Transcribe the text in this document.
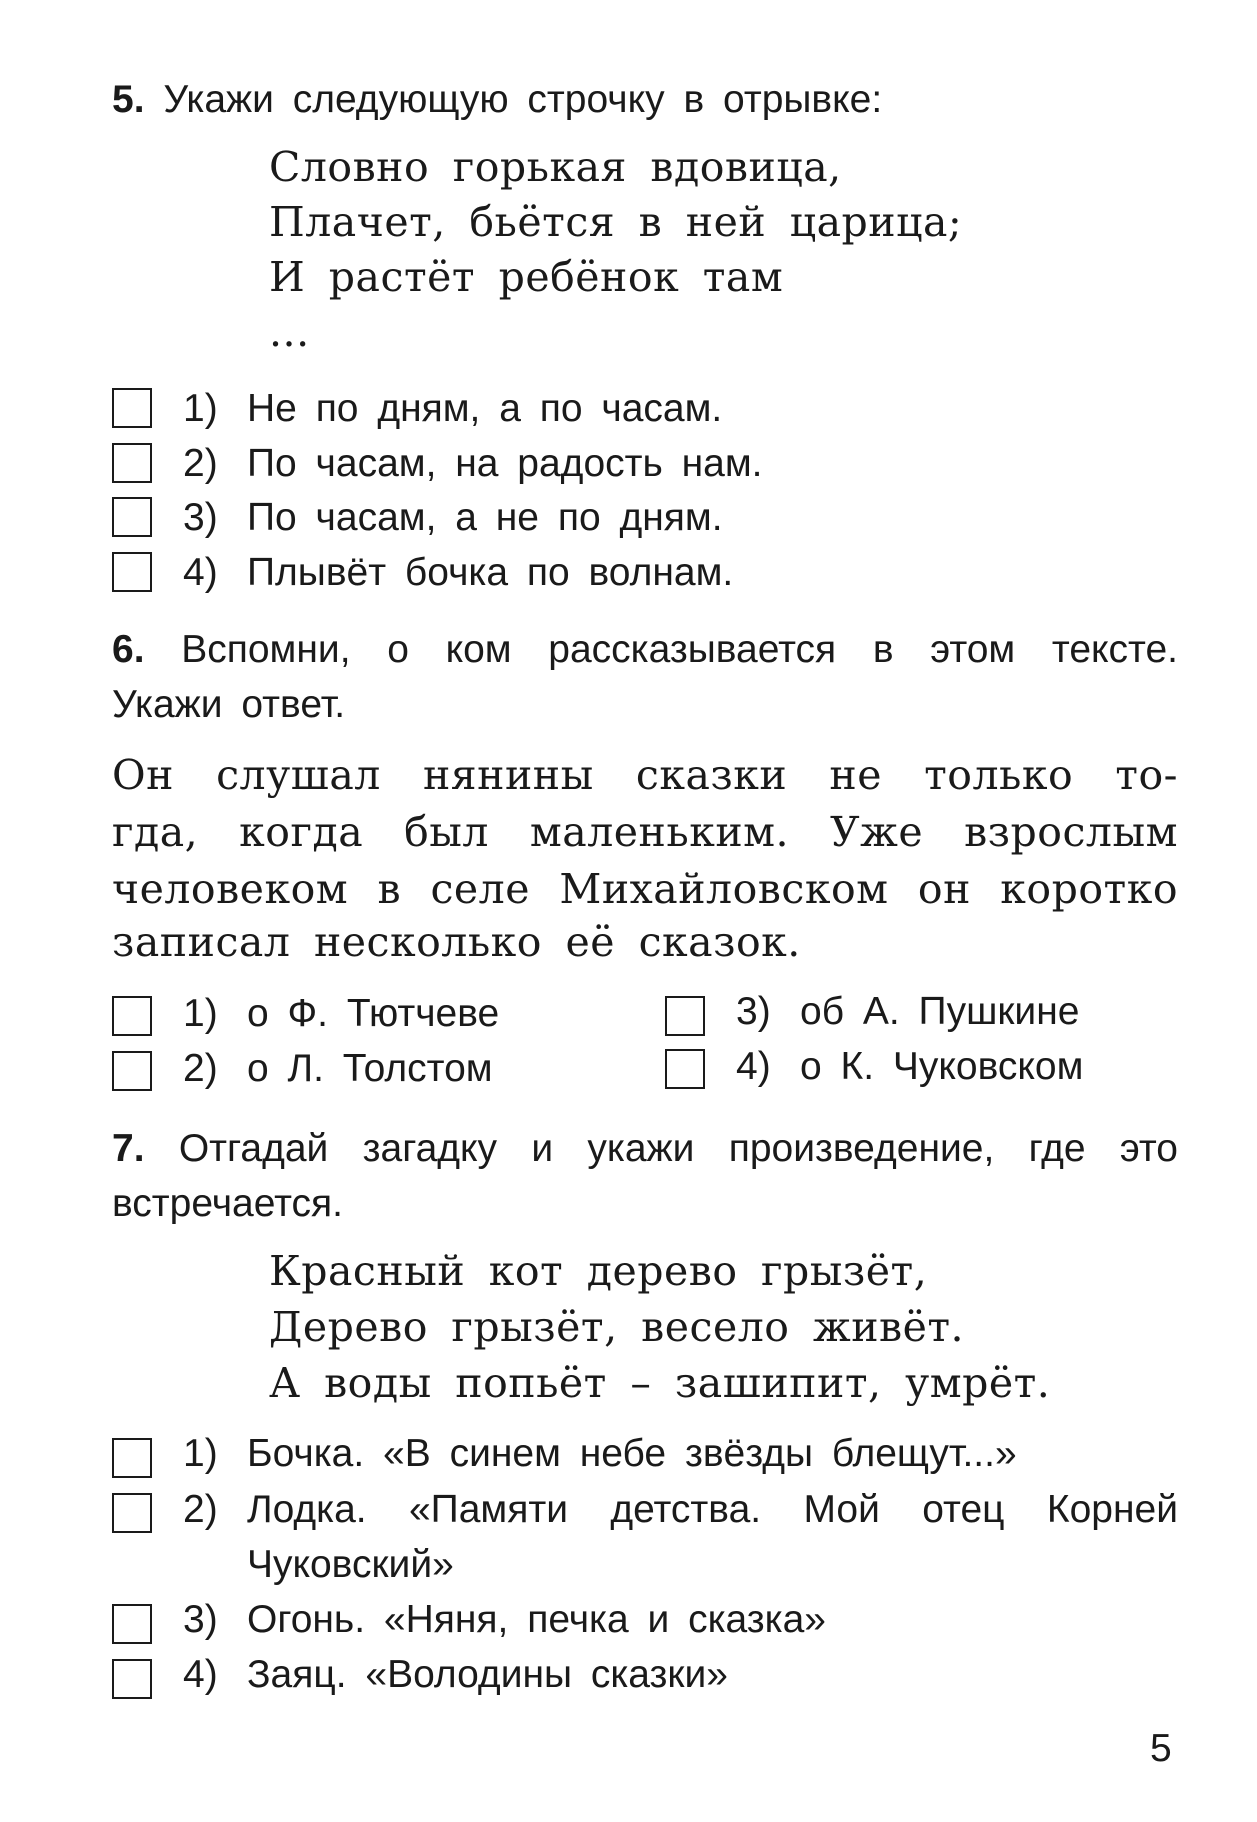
5. Укажи следующую строчку в отрывке:
Словно горькая вдовица,
Плачет, бьётся в ней царица;
И растёт ребёнок там
...
1) Не по дням, а по часам.
2) По часам, на радость нам.
3) По часам, а не по дням.
4) Плывёт бочка по волнам.
6. Вспомни, о ком рассказывается в этом тексте.
Укажи ответ.
Он слушал нянины сказки не только то-
гда, когда был маленьким. Уже взрослым
человеком в селе Михайловском он коротко
записал несколько её сказок.
1) о Ф. Тютчеве
2) о Л. Толстом
3) об А. Пушкине
4) о К. Чуковском
7. Отгадай загадку и укажи произведение, где это
встречается.
Красный кот дерево грызёт,
Дерево грызёт, весело живёт.
А воды попьёт – зашипит, умрёт.
1) Бочка. «В синем небе звёзды блещут...»
2) Лодка. «Памяти детства. Мой отец Корней
Чуковский»
3) Огонь. «Няня, печка и сказка»
4) Заяц. «Володины сказки»
5
